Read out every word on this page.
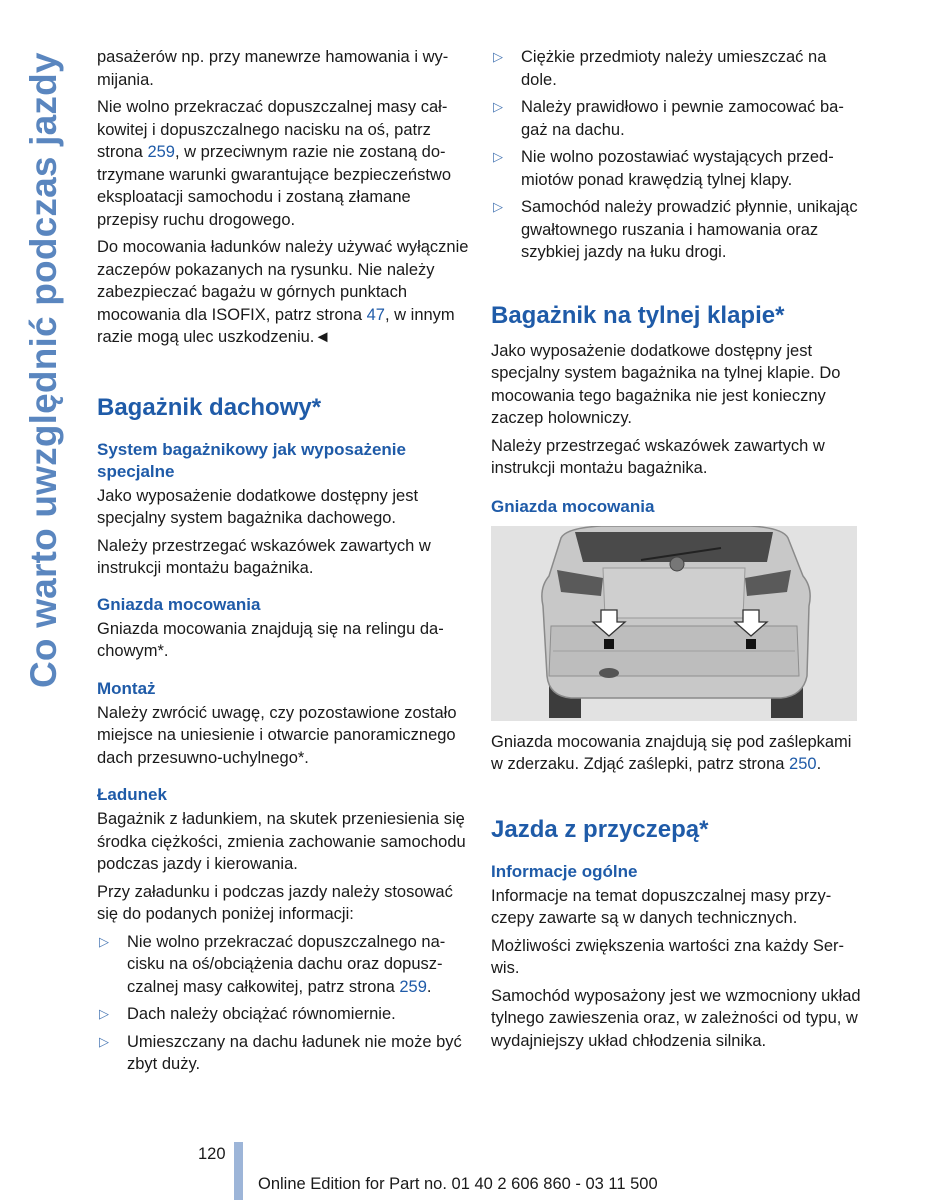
Co warto uwzględnić podczas jazdy pasażerów np. przy manewrze hamowania i wymijania.

Nie wolno przekraczać dopuszczalnej masy całkowitej i dopuszczalnego nacisku na oś, patrz strona 259, w przeciwnym razie nie zostaną dotrzymane warunki gwarantujące bezpieczeństwo eksploatacji samochodu i zostaną złamane przepisy ruchu drogowego.

Do mocowania ładunków należy używać wyłącznie zaczepów pokazanych na rysunku. Nie należy zabezpieczać bagażu w górnych punktach mocowania dla ISOFIX, patrz strona 47, w innym razie mogą ulec uszkodzeniu.◄

Bagażnik dachowy*
System bagażnikowy jak wyposażenie specjalne

Jako wyposażenie dodatkowe dostępny jest specjalny system bagażnika dachowego.

Należy przestrzegać wskazówek zawartych w instrukcji montażu bagażnika.

Gniazda mocowania

Gniazda mocowania znajdują się na relingu dachowym*.

Montaż

Należy zwrócić uwagę, czy pozostawione zostało miejsce na uniesienie i otwarcie panoramicznego dach przesuwno-uchylnego*.

Ładunek

Bagażnik z ładunkiem, na skutek przeniesienia się środka ciężkości, zmienia zachowanie samochodu podczas jazdy i kierowania.

Przy załadunku i podczas jazdy należy stosować się do podanych poniżej informacji:

▷ Nie wolno przekraczać dopuszczalnego nacisku na oś/obciążenia dachu oraz dopuszczalnej masy całkowitej, patrz strona 259.
▷ Dach należy obciążać równomiernie.
▷ Umieszczany na dachu ładunek nie może być zbyt duży.
▷ Ciężkie przedmioty należy umieszczać na dole.
▷ Należy prawidłowo i pewnie zamocować bagaż na dachu.
▷ Nie wolno pozostawiać wystających przedmiotów ponad krawędzią tylnej klapy.
▷ Samochód należy prowadzić płynnie, unikając gwałtownego ruszania i hamowania oraz szybkiej jazdy na łuku drogi.
Bagażnik na tylnej klapie*

Jako wyposażenie dodatkowe dostępny jest specjalny system bagażnika na tylnej klapie. Do mocowania tego bagażnika nie jest konieczny zaczep holowniczy.

Należy przestrzegać wskazówek zawartych w instrukcji montażu bagażnika.

Gniazda mocowania

Gniazda mocowania znajdują się pod zaślepkami w zderzaku. Zdjąć zaślepki, patrz strona 250.

Jazda z przyczepą*
Informacje ogólne

Informacje na temat dopuszczalnej masy przyczepy zawarte są w danych technicznych.

Możliwości zwiększenia wartości zna każdy Serwis.

Samochód wyposażony jest we wzmocniony układ tylnego zawieszenia oraz, w zależności od typu, w wydajniejszy układ chłodzenia silnika.

120
Online Edition for Part no. 01 40 2 606 860 - 03 11 500
